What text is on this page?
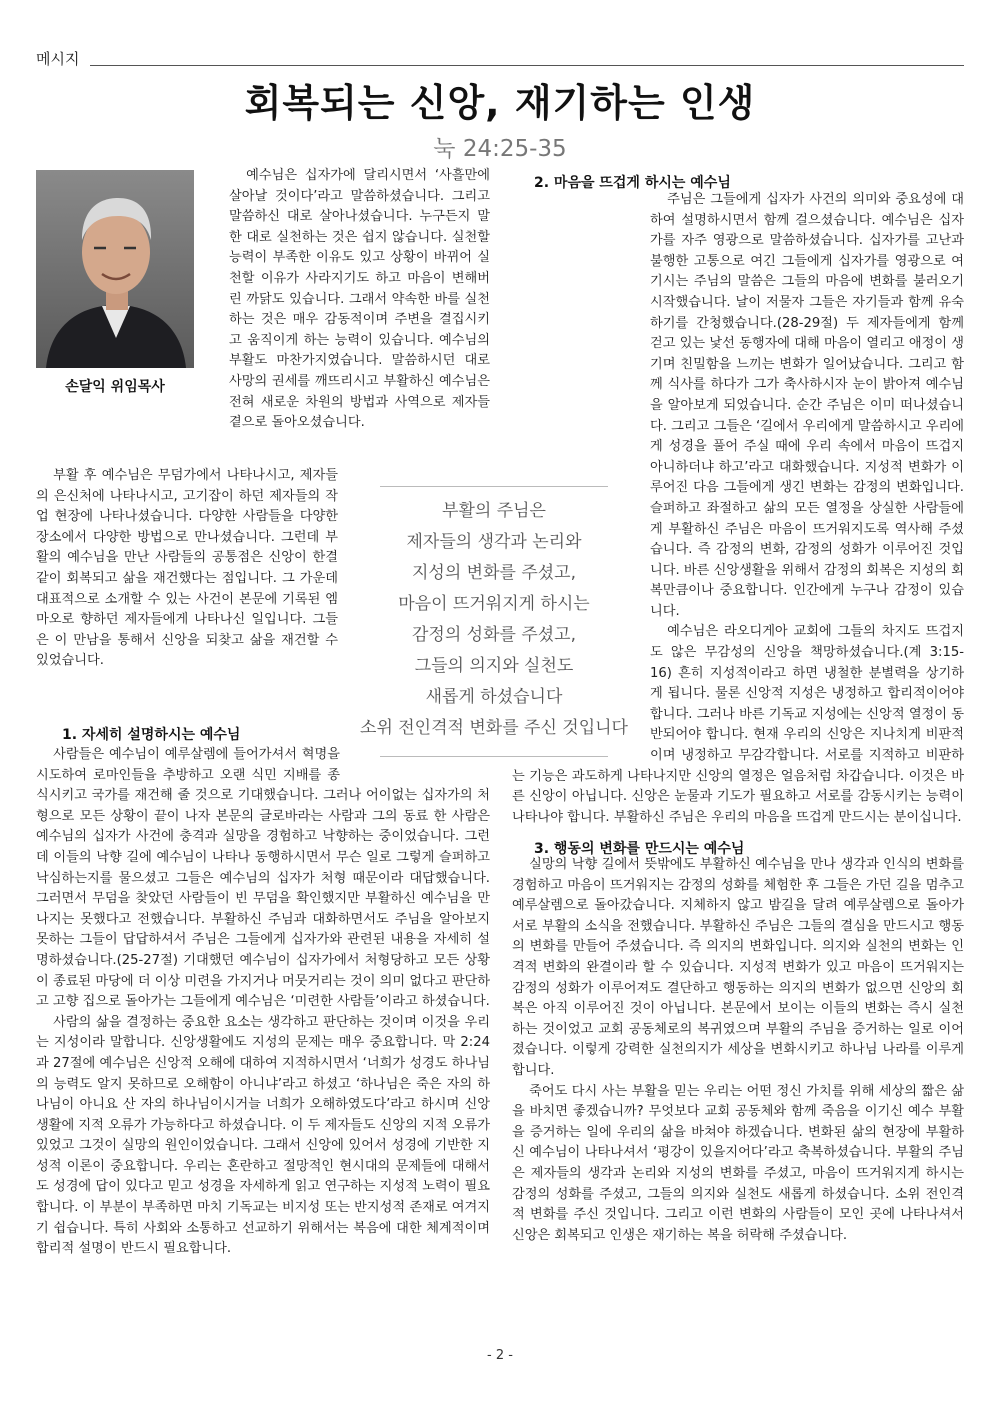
메시지
회복되는 신앙, 재기하는 인생
눅 24:25-35
손달익 위임목사

예수님은 십자가에 달리시면서 ‘사흘만에 살아날 것이다’라고 말씀하셨습니다. 그리고 말씀하신 대로 살아나셨습니다. 누구든지 말한 대로 실천하는 것은 쉽지 않습니다. 실천할 능력이 부족한 이유도 있고 상황이 바뀌어 실천할 이유가 사라지기도 하고 마음이 변해버린 까닭도 있습니다. 그래서 약속한 바를 실천하는 것은 매우 감동적이며 주변을 결집시키고 움직이게 하는 능력이 있습니다. 예수님의 부활도 마찬가지였습니다. 말씀하시던 대로 사망의 권세를 깨뜨리시고 부활하신 예수님은 전혀 새로운 차원의 방법과 사역으로 제자들 곁으로 돌아오셨습니다.

부활 후 예수님은 무덤가에서 나타나시고, 제자들의 은신처에 나타나시고, 고기잡이 하던 제자들의 작업 현장에 나타나셨습니다. 다양한 사람들을 다양한 장소에서 다양한 방법으로 만나셨습니다. 그런데 부활의 예수님을 만난 사람들의 공통점은 신앙이 한결같이 회복되고 삶을 재건했다는 점입니다. 그 가운데 대표적으로 소개할 수 있는 사건이 본문에 기록된 엠마오로 향하던 제자들에게 나타나신 일입니다. 그들은 이 만남을 통해서 신앙을 되찾고 삶을 재건할 수 있었습니다.

1. 자세히 설명하시는 예수님

사람들은 예수님이 예루살렘에 들어가셔서 혁명을 시도하여 로마인들을 추방하고 오랜 식민 지배를 종식시키고 국가를 재건해 줄 것으로 기대했습니다. 그러나 어이없는 십자가의 처형으로 모든 상황이 끝이 나자 본문의 글로바라는 사람과 그의 동료 한 사람은 예수님의 십자가 사건에 충격과 실망을 경험하고 낙향하는 중이었습니다. 그런데 이들의 낙향 길에 예수님이 나타나 동행하시면서 무슨 일로 그렇게 슬퍼하고 낙심하는지를 물으셨고 그들은 예수님의 십자가 처형 때문이라 대답했습니다. 그러면서 무덤을 찾았던 사람들이 빈 무덤을 확인했지만 부활하신 예수님을 만나지는 못했다고 전했습니다. 부활하신 주님과 대화하면서도 주님을 알아보지 못하는 그들이 답답하셔서 주님은 그들에게 십자가와 관련된 내용을 자세히 설명하셨습니다.(25-27절) 기대했던 예수님이 십자가에서 처형당하고 모든 상황이 종료된 마당에 더 이상 미련을 가지거나 머뭇거리는 것이 의미 없다고 판단하고 고향 집으로 돌아가는 그들에게 예수님은 ‘미련한 사람들’이라고 하셨습니다.

사람의 삶을 결정하는 중요한 요소는 생각하고 판단하는 것이며 이것을 우리는 지성이라 말합니다. 신앙생활에도 지성의 문제는 매우 중요합니다. 막 2:24과 27절에 예수님은 신앙적 오해에 대하여 지적하시면서 ‘너희가 성경도 하나님의 능력도 알지 못하므로 오해함이 아니냐’라고 하셨고 ‘하나님은 죽은 자의 하나님이 아니요 산 자의 하나님이시거늘 너희가 오해하였도다’라고 하시며 신앙생활에 지적 오류가 가능하다고 하셨습니다. 이 두 제자들도 신앙의 지적 오류가 있었고 그것이 실망의 원인이었습니다. 그래서 신앙에 있어서 성경에 기반한 지성적 이론이 중요합니다. 우리는 혼란하고 절망적인 현시대의 문제들에 대해서도 성경에 답이 있다고 믿고 성경을 자세하게 읽고 연구하는 지성적 노력이 필요합니다. 이 부분이 부족하면 마치 기독교는 비지성 또는 반지성적 존재로 여겨지기 쉽습니다. 특히 사회와 소통하고 선교하기 위해서는 복음에 대한 체계적이며 합리적 설명이 반드시 필요합니다.

2. 마음을 뜨겁게 하시는 예수님

주님은 그들에게 십자가 사건의 의미와 중요성에 대하여 설명하시면서 함께 걸으셨습니다. 예수님은 십자가를 자주 영광으로 말씀하셨습니다. 십자가를 고난과 불행한 고통으로 여긴 그들에게 십자가를 영광으로 여기시는 주님의 말씀은 그들의 마음에 변화를 불러오기 시작했습니다. 날이 저물자 그들은 자기들과 함께 유숙하기를 간청했습니다.(28-29절) 두 제자들에게 함께 걷고 있는 낯선 동행자에 대해 마음이 열리고 애정이 생기며 친밀함을 느끼는 변화가 일어났습니다. 그리고 함께 식사를 하다가 그가 축사하시자 눈이 밝아져 예수님을 알아보게 되었습니다. 순간 주님은 이미 떠나셨습니다. 그리고 그들은 ‘길에서 우리에게 말씀하시고 우리에게 성경을 풀어 주실 때에 우리 속에서 마음이 뜨겁지 아니하더냐 하고’라고 대화했습니다. 지성적 변화가 이루어진 다음 그들에게 생긴 변화는 감정의 변화입니다. 슬퍼하고 좌절하고 삶의 모든 열정을 상실한 사람들에게 부활하신 주님은 마음이 뜨거워지도록 역사해 주셨습니다. 즉 감정의 변화, 감정의 성화가 이루어진 것입니다. 바른 신앙생활을 위해서 감정의 회복은 지성의 회복만큼이나 중요합니다. 인간에게 누구나 감정이 있습니다.

예수님은 라오디게아 교회에 그들의 차지도 뜨겁지도 않은 무감성의 신앙을 책망하셨습니다.(계 3:15-16) 흔히 지성적이라고 하면 냉철한 분별력을 상기하게 됩니다. 물론 신앙적 지성은 냉정하고 합리적이어야 합니다. 그러나 바른 기독교 지성에는 신앙적 열정이 동반되어야 합니다. 현재 우리의 신앙은 지나치게 비판적이며 냉정하고 무감각합니다. 서로를 지적하고 비판하는 기능은 과도하게 나타나지만 신앙의 열정은 얼음처럼 차갑습니다. 이것은 바른 신앙이 아닙니다. 신앙은 눈물과 기도가 필요하고 서로를 감동시키는 능력이 나타나야 합니다. 부활하신 주님은 우리의 마음을 뜨겁게 만드시는 분이십니다.

부활의 주님은
제자들의 생각과 논리와
지성의 변화를 주셨고,
마음이 뜨거워지게 하시는
감정의 성화를 주셨고,
그들의 의지와 실천도
새롭게 하셨습니다
소위 전인격적 변화를 주신 것입니다
3. 행동의 변화를 만드시는 예수님

실망의 낙향 길에서 뜻밖에도 부활하신 예수님을 만나 생각과 인식의 변화를 경험하고 마음이 뜨거워지는 감정의 성화를 체험한 후 그들은 가던 길을 멈추고 예루살렘으로 돌아갔습니다. 지체하지 않고 밤길을 달려 예루살렘으로 돌아가 서로 부활의 소식을 전했습니다. 부활하신 주님은 그들의 결심을 만드시고 행동의 변화를 만들어 주셨습니다. 즉 의지의 변화입니다. 의지와 실천의 변화는 인격적 변화의 완결이라 할 수 있습니다. 지성적 변화가 있고 마음이 뜨거워지는 감정의 성화가 이루어져도 결단하고 행동하는 의지의 변화가 없으면 신앙의 회복은 아직 이루어진 것이 아닙니다. 본문에서 보이는 이들의 변화는 즉시 실천하는 것이었고 교회 공동체로의 복귀였으며 부활의 주님을 증거하는 일로 이어졌습니다. 이렇게 강력한 실천의지가 세상을 변화시키고 하나님 나라를 이루게 합니다.

죽어도 다시 사는 부활을 믿는 우리는 어떤 정신 가치를 위해 세상의 짧은 삶을 바치면 좋겠습니까? 무엇보다 교회 공동체와 함께 죽음을 이기신 예수 부활을 증거하는 일에 우리의 삶을 바쳐야 하겠습니다. 변화된 삶의 현장에 부활하신 예수님이 나타나셔서 ‘평강이 있을지어다’라고 축복하셨습니다. 부활의 주님은 제자들의 생각과 논리와 지성의 변화를 주셨고, 마음이 뜨거워지게 하시는 감정의 성화를 주셨고, 그들의 의지와 실천도 새롭게 하셨습니다. 소위 전인격적 변화를 주신 것입니다. 그리고 이런 변화의 사람들이 모인 곳에 나타나셔서 신앙은 회복되고 인생은 재기하는 복을 허락해 주셨습니다.

- 2 -
